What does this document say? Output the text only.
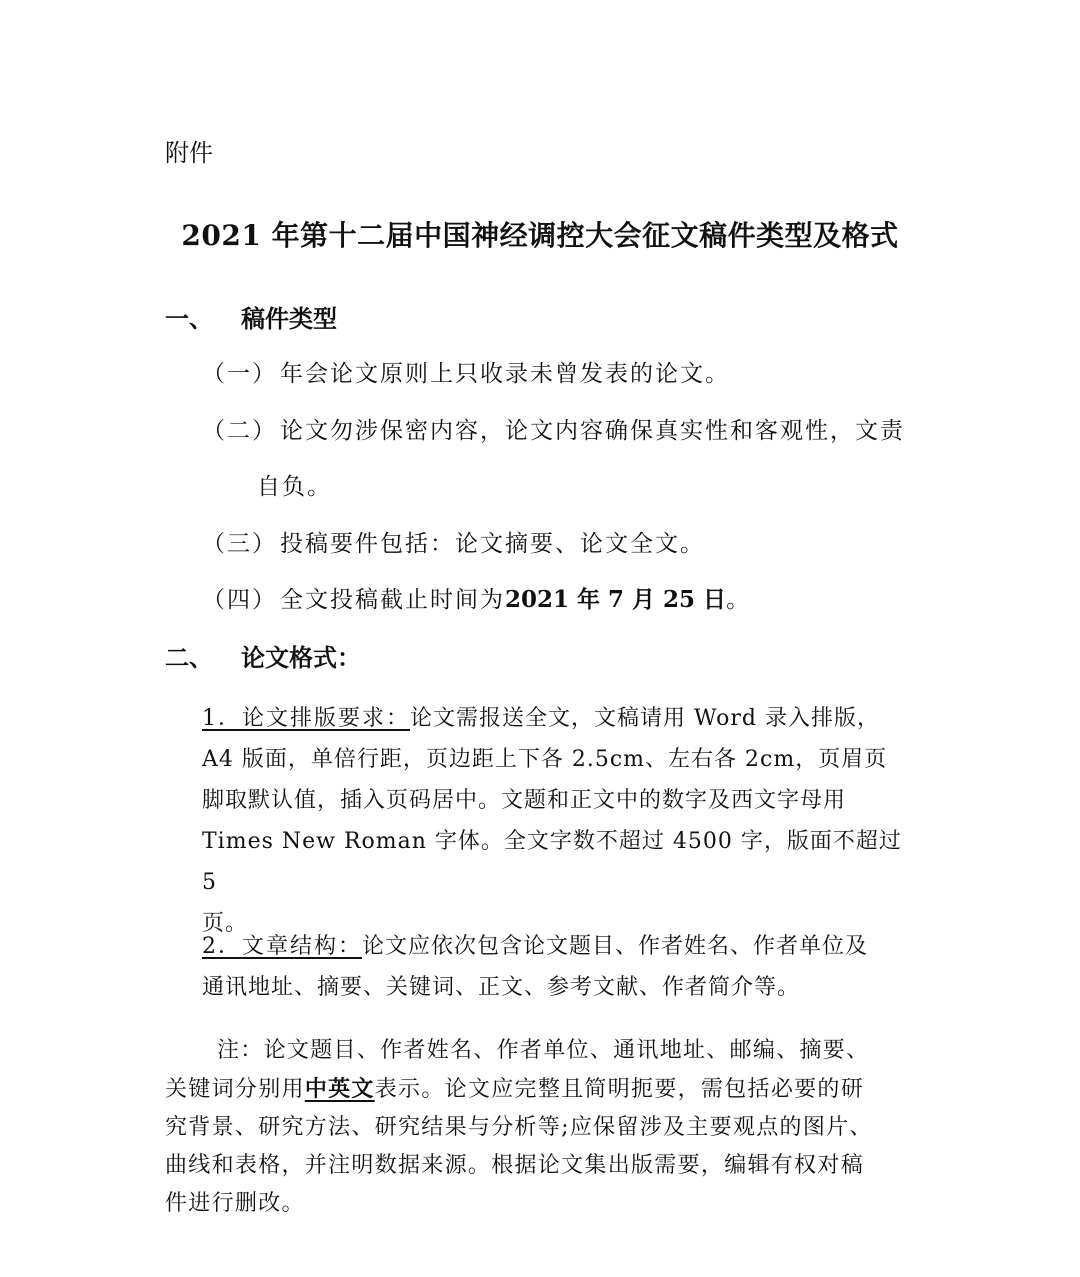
附件
2021 年第十二届中国神经调控大会征文稿件类型及格式
一、 稿件类型
（一） 年会论文原则上只收录未曾发表的论文。
（二） 论文勿涉保密内容，论文内容确保真实性和客观性，文责
自负。
（三） 投稿要件包括：论文摘要、论文全文。
（四） 全文投稿截止时间为2021 年 7 月 25 日。
二、 论文格式：
1．论文排版要求：论文需报送全文，文稿请用 Word 录入排版，
A4 版面，单倍行距，页边距上下各 2.5cm、左右各 2cm，页眉页
脚取默认值，插入页码居中。文题和正文中的数字及西文字母用
Times New Roman 字体。全文字数不超过 4500 字，版面不超过 5
页。
2．文章结构：论文应依次包含论文题目、作者姓名、作者单位及
通讯地址、摘要、关键词、正文、参考文献、作者简介等。
注：论文题目、作者姓名、作者单位、通讯地址、邮编、摘要、
关键词分别用中英文表示。论文应完整且简明扼要，需包括必要的研
究背景、研究方法、研究结果与分析等;应保留涉及主要观点的图片、
曲线和表格，并注明数据来源。根据论文集出版需要，编辑有权对稿
件进行删改。
